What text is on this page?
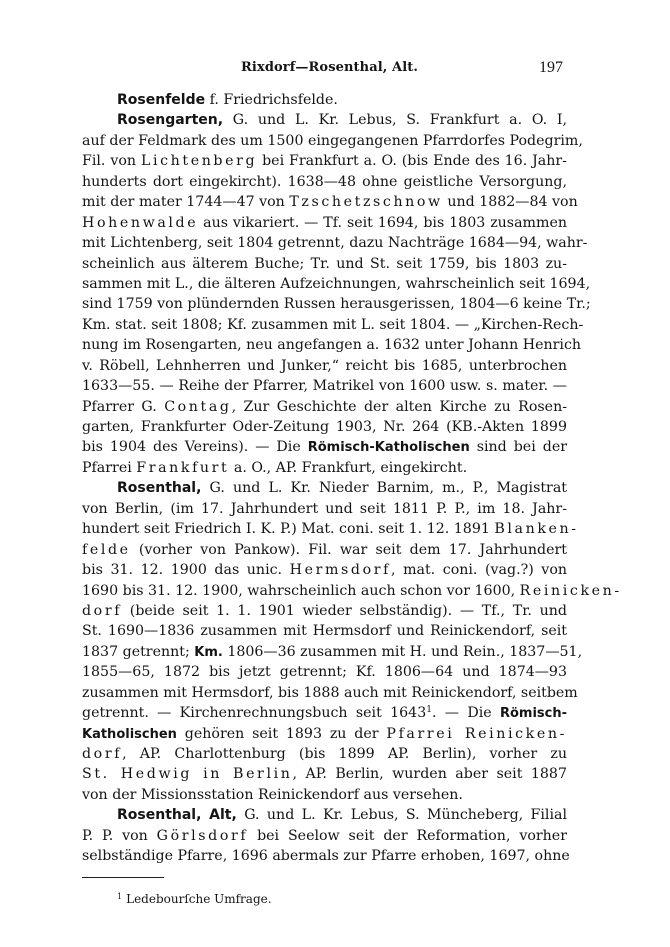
Rixdorf—Rosenthal, Alt.	197
Rosenfelde f. Friedrichsfelde.
Rosengarten, G. und L. Kr. Lebus, S. Frankfurt a. O. I,
auf der Feldmark des um 1500 eingegangenen Pfarrdorfes Podegrim,
Fil. von Lichtenberg bei Frankfurt a. O. (bis Ende des 16. Jahr-
hunderts dort eingekircht). 1638—48 ohne geistliche Versorgung,
mit der mater 1744—47 von Tzschetzschnow und 1882—84 von
Hohenwalde aus vikariert. — Tf. seit 1694, bis 1803 zusammen
mit Lichtenberg, seit 1804 getrennt, dazu Nachträge 1684—94, wahr-
scheinlich aus älterem Buche; Tr. und St. seit 1759, bis 1803 zu-
sammen mit L., die älteren Aufzeichnungen, wahrscheinlich seit 1694,
sind 1759 von plündernden Russen herausgerissen, 1804—6 keine Tr.;
Km. stat. seit 1808; Kf. zusammen mit L. seit 1804. — „Kirchen-Rech-
nung im Rosengarten, neu angefangen a. 1632 unter Johann Henrich
v. Röbell, Lehnherren und Junker,“ reicht bis 1685, unterbrochen
1633—55. — Reihe der Pfarrer, Matrikel von 1600 usw. s. mater. —
Pfarrer G. Contag, Zur Geschichte der alten Kirche zu Rosen-
garten, Frankfurter Oder-Zeitung 1903, Nr. 264 (KB.-Akten 1899
bis 1904 des Vereins). — Die Römisch-Katholischen sind bei der
Pfarrei Frankfurt a. O., AP. Frankfurt, eingekircht.
Rosenthal, G. und L. Kr. Nieder Barnim, m., P., Magistrat
von Berlin, (im 17. Jahrhundert und seit 1811 P. P., im 18. Jahr-
hundert seit Friedrich I. K. P.) Mat. coni. seit 1. 12. 1891 Blanken-
felde (vorher von Pankow). Fil. war seit dem 17. Jahrhundert
bis 31. 12. 1900 das unic. Hermsdorf, mat. coni. (vag.?) von
1690 bis 31. 12. 1900, wahrscheinlich auch schon vor 1600, Reinicken-
dorf (beide seit 1. 1. 1901 wieder selbständig). — Tf., Tr. und
St. 1690—1836 zusammen mit Hermsdorf und Reinickendorf, seit
1837 getrennt; Km. 1806—36 zusammen mit H. und Rein., 1837—51,
1855—65, 1872 bis jetzt getrennt; Kf. 1806—64 und 1874—93
zusammen mit Hermsdorf, bis 1888 auch mit Reinickendorf, seitbem
getrennt. — Kirchenrechnungsbuch seit 1643$^1$. — Die Römisch-
Katholischen gehören seit 1893 zu der Pfarrei Reinicken-
dorf, AP. Charlottenburg (bis 1899 AP. Berlin), vorher zu
St. Hedwig in Berlin, AP. Berlin, wurden aber seit 1887
von der Missionsstation Reinickendorf aus versehen.
Rosenthal, Alt, G. und L. Kr. Lebus, S. Müncheberg, Filial
P. P. von Görlsdorf bei Seelow seit der Reformation, vorher
selbständige Pfarre, 1696 abermals zur Pfarre erhoben, 1697, ohne
$^1$ Ledebourſche Umfrage.
